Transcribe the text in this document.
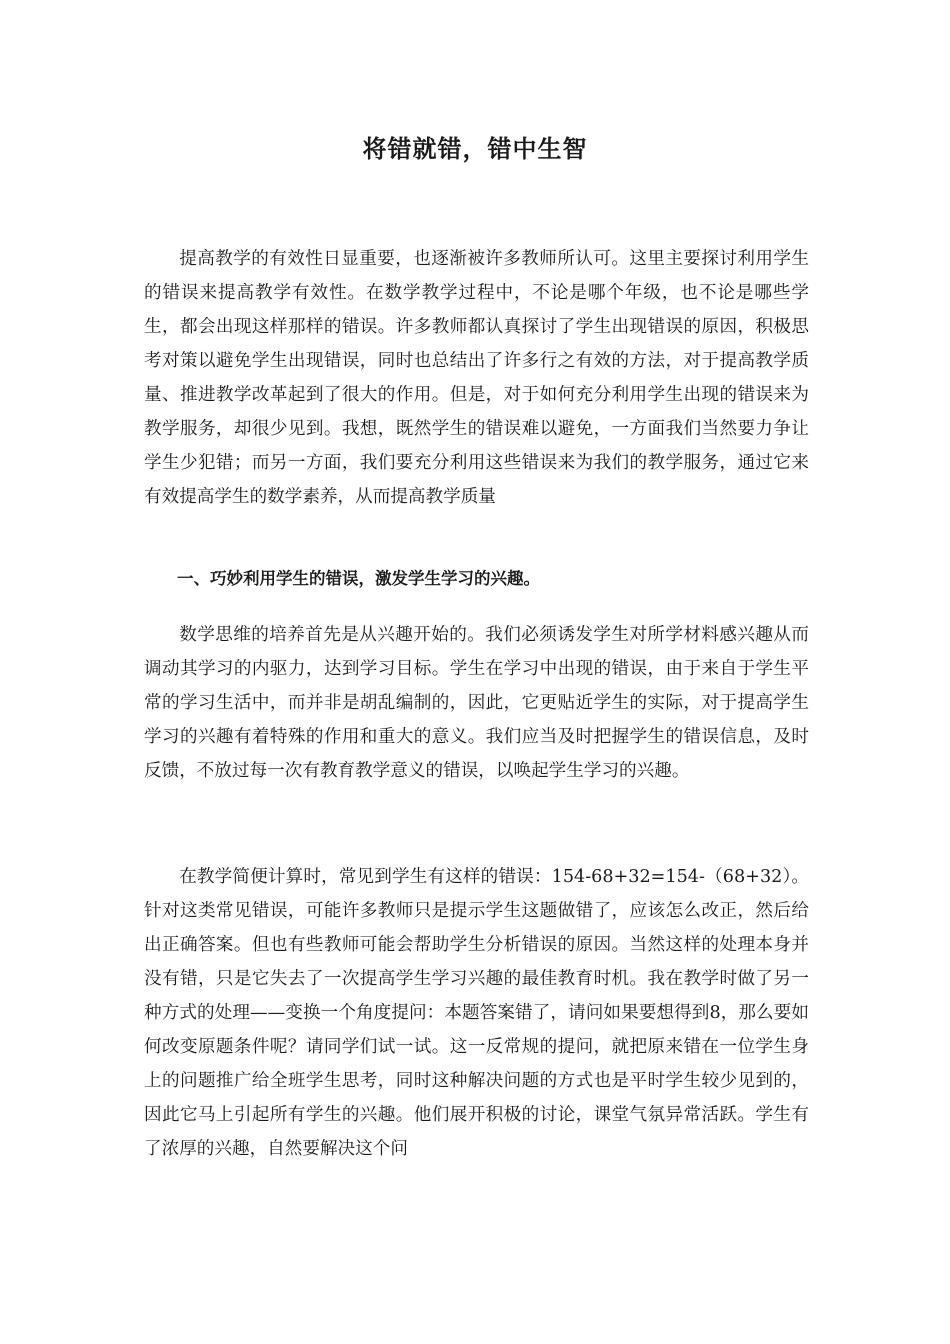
将错就错，错中生智

提高教学的有效性日显重要，也逐渐被许多教师所认可。这里主要探讨利用学生的错误来提高教学有效性。在数学教学过程中，不论是哪个年级，也不论是哪些学生，都会出现这样那样的错误。许多教师都认真探讨了学生出现错误的原因，积极思考对策以避免学生出现错误，同时也总结出了许多行之有效的方法，对于提高教学质量、推进教学改革起到了很大的作用。但是，对于如何充分利用学生出现的错误来为教学服务，却很少见到。我想，既然学生的错误难以避免，一方面我们当然要力争让学生少犯错；而另一方面，我们要充分利用这些错误来为我们的教学服务，通过它来有效提高学生的数学素养，从而提高教学质量

一、巧妙利用学生的错误，激发学生学习的兴趣。

数学思维的培养首先是从兴趣开始的。我们必须诱发学生对所学材料感兴趣从而调动其学习的内驱力，达到学习目标。学生在学习中出现的错误，由于来自于学生平常的学习生活中，而并非是胡乱编制的，因此，它更贴近学生的实际，对于提高学生学习的兴趣有着特殊的作用和重大的意义。我们应当及时把握学生的错误信息，及时反馈，不放过每一次有教育教学意义的错误，以唤起学生学习的兴趣。

在教学简便计算时，常见到学生有这样的错误：154-68+32=154-（68+32）。针对这类常见错误，可能许多教师只是提示学生这题做错了，应该怎么改正，然后给出正确答案。但也有些教师可能会帮助学生分析错误的原因。当然这样的处理本身并没有错，只是它失去了一次提高学生学习兴趣的最佳教育时机。我在教学时做了另一种方式的处理——变换一个角度提问：本题答案错了，请问如果要想得到8，那么要如何改变原题条件呢？请同学们试一试。这一反常规的提问，就把原来错在一位学生身上的问题推广给全班学生思考，同时这种解决问题的方式也是平时学生较少见到的，因此它马上引起所有学生的兴趣。他们展开积极的讨论，课堂气氛异常活跃。学生有了浓厚的兴趣，自然要解决这个问
